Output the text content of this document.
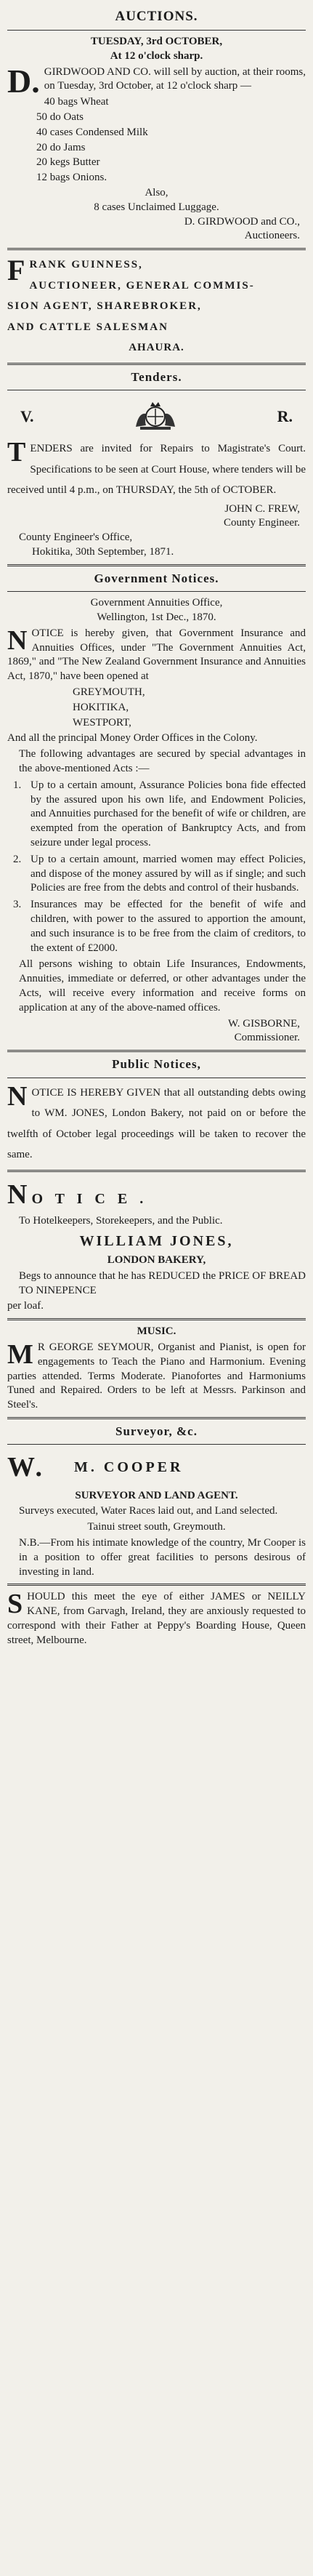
AUCTIONS.
TUESDAY, 3rd OCTOBER,
At 12 o'clock sharp.

D. GIRDWOOD AND CO. will sell by auction, at their rooms, on Tuesday, 3rd October, at 12 o'clock sharp —

40 bags Wheat
50 do Oats
40 cases Condensed Milk
20 do Jams
20 kegs Butter
12 bags Onions.
Also,
8 cases Unclaimed Luggage.
D. GIRDWOOD and CO.,
Auctioneers.
F RANK GUINNESS,
AUCTIONEER, GENERAL COMMIS-
SION AGENT, SHAREBROKER,
AND CATTLE SALESMAN
AHAURA.
Tenders.
V.	R.

TENDERS are invited for Repairs to Magistrate's Court. Specifications to be seen at Court House, where tenders will be received until 4 p.m., on THURSDAY, the 5th of OCTOBER.

JOHN C. FREW,
County Engineer.
County Engineer's Office,
Hokitika, 30th September, 1871.
Government Notices.
Government Annuities Office,
Wellington, 1st Dec., 1870.

NOTICE is hereby given, that Government Insurance and Annuities Offices, under "The Government Annuities Act, 1869," and "The New Zealand Government Insurance and Annuities Act, 1870," have been opened at

GREYMOUTH,
HOKITIKA,
WESTPORT,

And all the principal Money Order Offices in the Colony.

The following advantages are secured by special advantages in the above-mentioned Acts :—

1. Up to a certain amount, Assurance Policies bona fide effected by the assured upon his own life, and Endowment Policies, and Annuities purchased for the benefit of wife or children, are exempted from the operation of Bankruptcy Acts, and from seizure under legal process.
2. Up to a certain amount, married women may effect Policies, and dispose of the money assured by will as if single; and such Policies are free from the debts and control of their husbands.
3. Insurances may be effected for the benefit of wife and children, with power to the assured to apportion the amount, and such insurance is to be free from the claim of creditors, to the extent of £2000.

All persons wishing to obtain Life Insurances, Endowments, Annuities, immediate or deferred, or other advantages under the Acts, will receive every information and receive forms on application at any of the above-named offices.

W. GISBORNE,
Commissioner.
Public Notices,

NOTICE IS HEREBY GIVEN that all outstanding debts owing to WM. JONES, London Bakery, not paid on or before the twelfth of October legal proceedings will be taken to recover the same.

NO T I C E .

To Hotelkeepers, Storekeepers, and the Public.

WILLIAM JONES,
LONDON BAKERY,

Begs to announce that he has REDUCED the PRICE OF BREAD TO NINEPENCE

per loaf.

MUSIC.

M R GEORGE SEYMOUR, Organist and Pianist, is open for engagements to Teach the Piano and Harmonium. Evening parties attended. Terms Moderate. Pianofortes and Harmoniums Tuned and Repaired. Orders to be left at Messrs. Parkinson and Steel's.

Surveyor, &c.
W. M. COOPER
SURVEYOR AND LAND AGENT.

Surveys executed, Water Races laid out, and Land selected.

Tainui street south, Greymouth.

N.B.—From his intimate knowledge of the country, Mr Cooper is in a position to offer great facilities to persons desirous of investing in land.

SHOULD this meet the eye of either JAMES or NEILLY KANE, from Garvagh, Ireland, they are anxiously requested to correspond with their Father at Peppy's Boarding House, Queen street, Melbourne.
